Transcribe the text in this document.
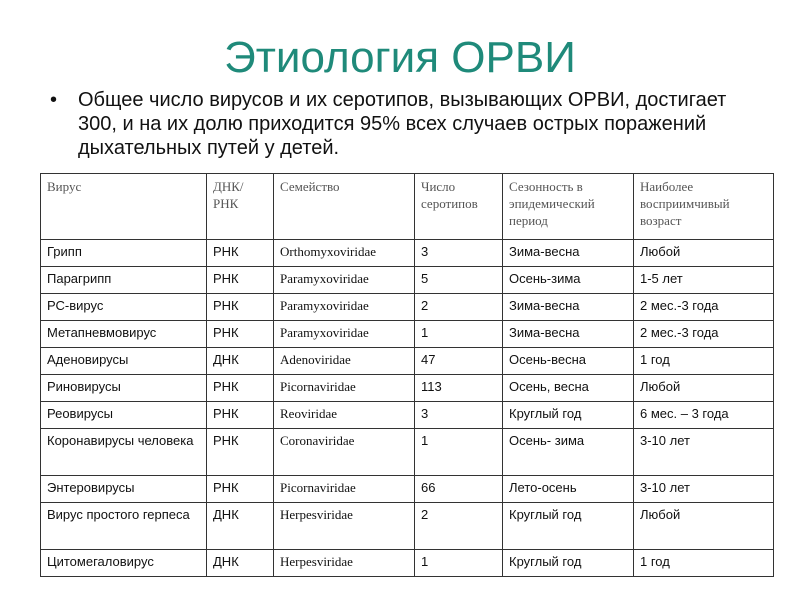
Этиология ОРВИ
• Общее число вирусов и их серотипов, вызывающих ОРВИ, достигает 300, и на их долю приходится 95% всех случаев острых поражений дыхательных путей у детей.
Вирус	ДНК/ РНК	Семейство	Число серотипов	Сезонность в эпидемический период	Наиболее восприимчивый возраст
Грипп	РНК	Orthomyxoviridae	3	Зима-весна	Любой
Парагрипп	РНК	Paramyxoviridae	5	Осень-зима	1-5 лет
РС-вирус	РНК	Paramyxoviridae	2	Зима-весна	2 мес.-3 года
Метапневмовирус	РНК	Paramyxoviridae	1	Зима-весна	2 мес.-3 года
Аденовирусы	ДНК	Adenoviridae	47	Осень-весна	1 год
Риновирусы	РНК	Picornaviridae	113	Осень, весна	Любой
Реовирусы	РНК	Reoviridae	3	Круглый год	6 мес. – 3 года
Коронавирусы человека	РНК	Coronaviridae	1	Осень- зима	3-10 лет
Энтеровирусы	РНК	Picornaviridae	66	Лето-осень	3-10 лет
Вирус простого герпеса	ДНК	Herpesviridae	2	Круглый год	Любой
Цитомегаловирус	ДНК	Herpesviridae	1	Круглый год	1 год
